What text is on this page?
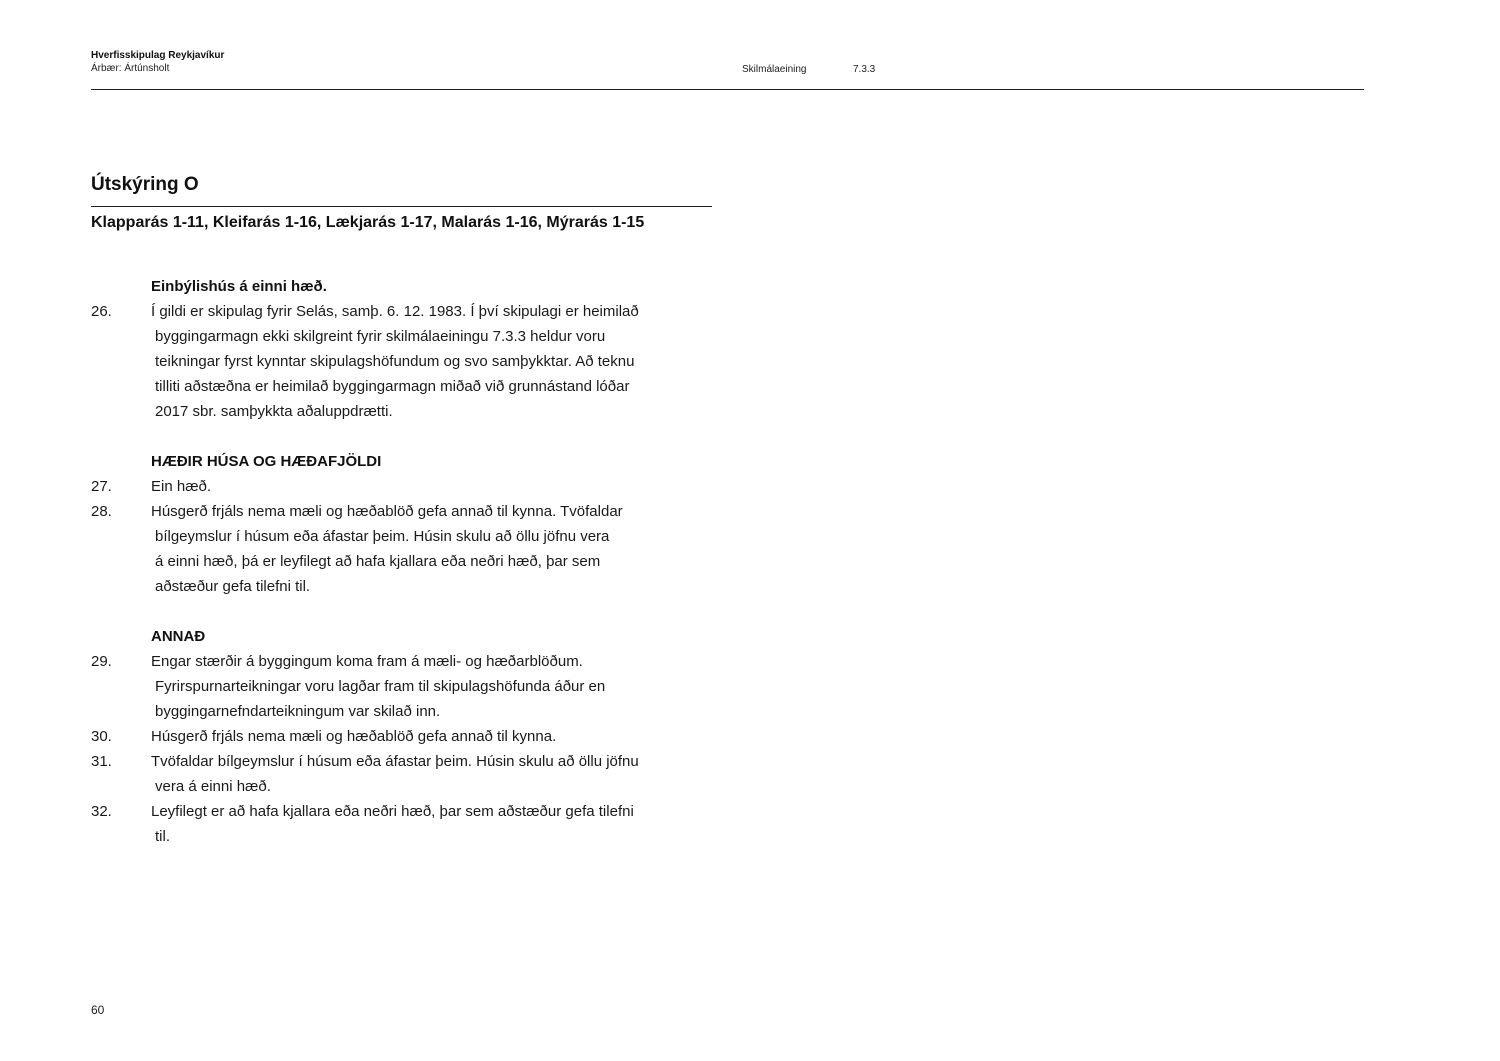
Hverfisskipulag Reykjavíkur
Árbær: Ártúnsholt	Skilmálaeining	7.3.3
Útskýring O
Klapparás 1-11, Kleifarás 1-16, Lækjarás 1-17, Malarás 1-16, Mýrarás 1-15
Einbýlishús á einni hæð.
26.	Í gildi er skipulag fyrir Selás, samþ. 6. 12. 1983. Í því skipulagi er heimilað
byggingarmagn ekki skilgreint fyrir skilmálaeiningu 7.3.3 heldur voru
teikningar fyrst kynntar skipulagshöfundum og svo samþykktar. Að teknu
tilliti aðstæðna er heimilað byggingarmagn miðað við grunnástand lóðar
2017 sbr. samþykkta aðaluppdrætti.
HÆÐIR HÚSA OG HÆÐAFJÖLDI
27.	Ein hæð.
28.	Húsgerð frjáls nema mæli og hæðablöð gefa annað til kynna. Tvöfaldar
bílgeymslur í húsum eða áfastar þeim. Húsin skulu að öllu jöfnu vera
á einni hæð, þá er leyfilegt að hafa kjallara eða neðri hæð, þar sem
aðstæður gefa tilefni til.
ANNAÐ
29.	Engar stærðir á byggingum koma fram á mæli- og hæðarblöðum.
Fyrirspurnarteikningar voru lagðar fram til skipulagshöfunda áður en
byggingarnefndarteikningum var skilað inn.
30.	Húsgerð frjáls nema mæli og hæðablöð gefa annað til kynna.
31.	Tvöfaldar bílgeymslur í húsum eða áfastar þeim. Húsin skulu að öllu jöfnu
vera á einni hæð.
32.	Leyfilegt er að hafa kjallara eða neðri hæð, þar sem aðstæður gefa tilefni
til.
60
